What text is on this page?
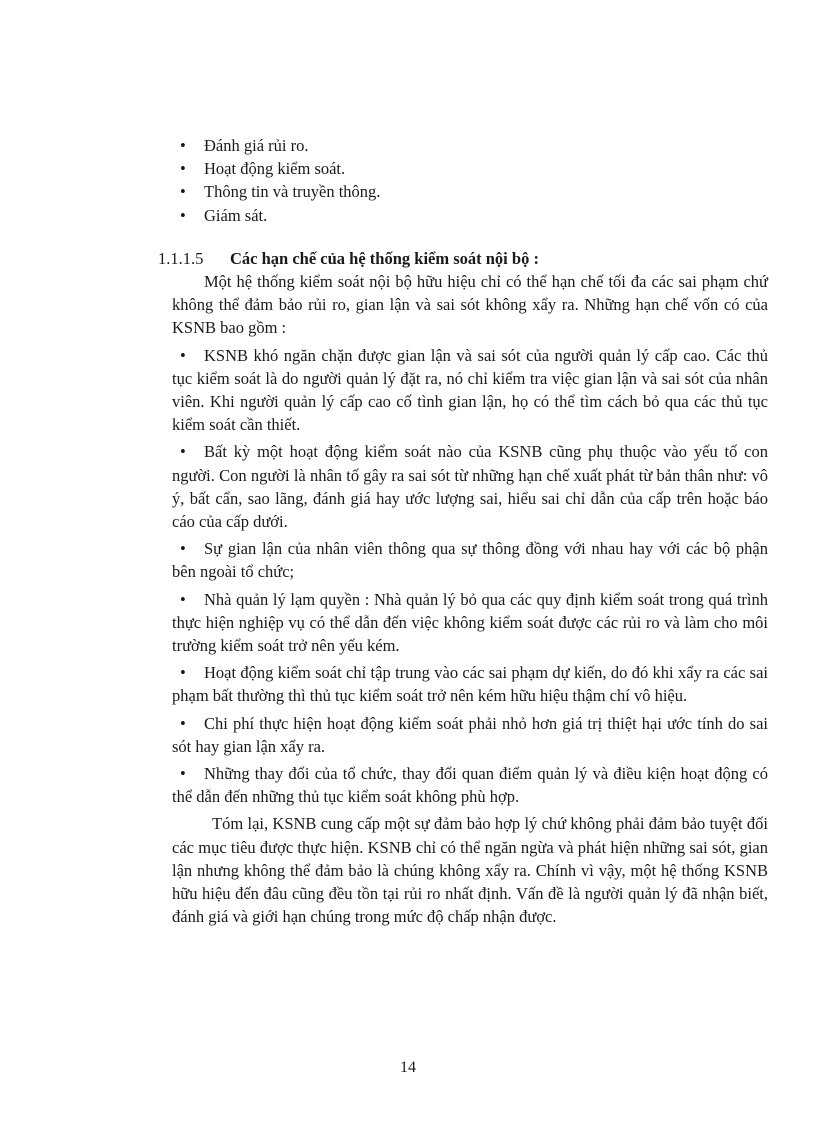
• Đánh giá rủi ro.
• Hoạt động kiểm soát.
• Thông tin và truyền thông.
• Giám sát.
1.1.1.5 Các hạn chế của hệ thống kiểm soát nội bộ :

Một hệ thống kiểm soát nội bộ hữu hiệu chỉ có thể hạn chế tối đa các sai phạm chứ không thể đảm bảo rủi ro, gian lận và sai sót không xẩy ra. Những hạn chế vốn có của KSNB bao gồm :

• KSNB khó ngăn chặn được gian lận và sai sót của người quản lý cấp cao. Các thủ tục kiểm soát là do người quản lý đặt ra, nó chỉ kiểm tra việc gian lận và sai sót của nhân viên. Khi người quản lý cấp cao cố tình gian lận, họ có thể tìm cách bỏ qua các thủ tục kiểm soát cần thiết.

• Bất kỳ một hoạt động kiểm soát nào của KSNB cũng phụ thuộc vào yếu tố con người. Con người là nhân tố gây ra sai sót từ những hạn chế xuất phát từ bản thân như: vô ý, bất cẩn, sao lãng, đánh giá hay ước lượng sai, hiểu sai chỉ dẫn của cấp trên hoặc báo cáo của cấp dưới.

• Sự gian lận của nhân viên thông qua sự thông đồng với nhau hay với các bộ phận bên ngoài tổ chức;

• Nhà quản lý lạm quyền : Nhà quản lý bỏ qua các quy định kiểm soát trong quá trình thực hiện nghiệp vụ có thể dẫn đến việc không kiểm soát được các rủi ro và làm cho môi trường kiểm soát trở nên yếu kém.

• Hoạt động kiểm soát chỉ tập trung vào các sai phạm dự kiến, do đó khi xẩy ra các sai phạm bất thường thì thủ tục kiểm soát trở nên kém hữu hiệu thậm chí vô hiệu.

• Chi phí thực hiện hoạt động kiểm soát phải nhỏ hơn giá trị thiệt hại ước tính do sai sót hay gian lận xẩy ra.

• Những thay đổi của tổ chức, thay đổi quan điểm quản lý và điều kiện hoạt động có thể dẫn đến những thủ tục kiểm soát không phù hợp.

Tóm lại, KSNB cung cấp một sự đảm bảo hợp lý chứ không phải đảm bảo tuyệt đối các mục tiêu được thực hiện. KSNB chỉ có thể ngăn ngừa và phát hiện những sai sót, gian lận nhưng không thể đảm bảo là chúng không xẩy ra. Chính vì vậy, một hệ thống KSNB hữu hiệu đến đâu cũng đều tồn tại rủi ro nhất định. Vấn đề là người quản lý đã nhận biết, đánh giá và giới hạn chúng trong mức độ chấp nhận được.

14
